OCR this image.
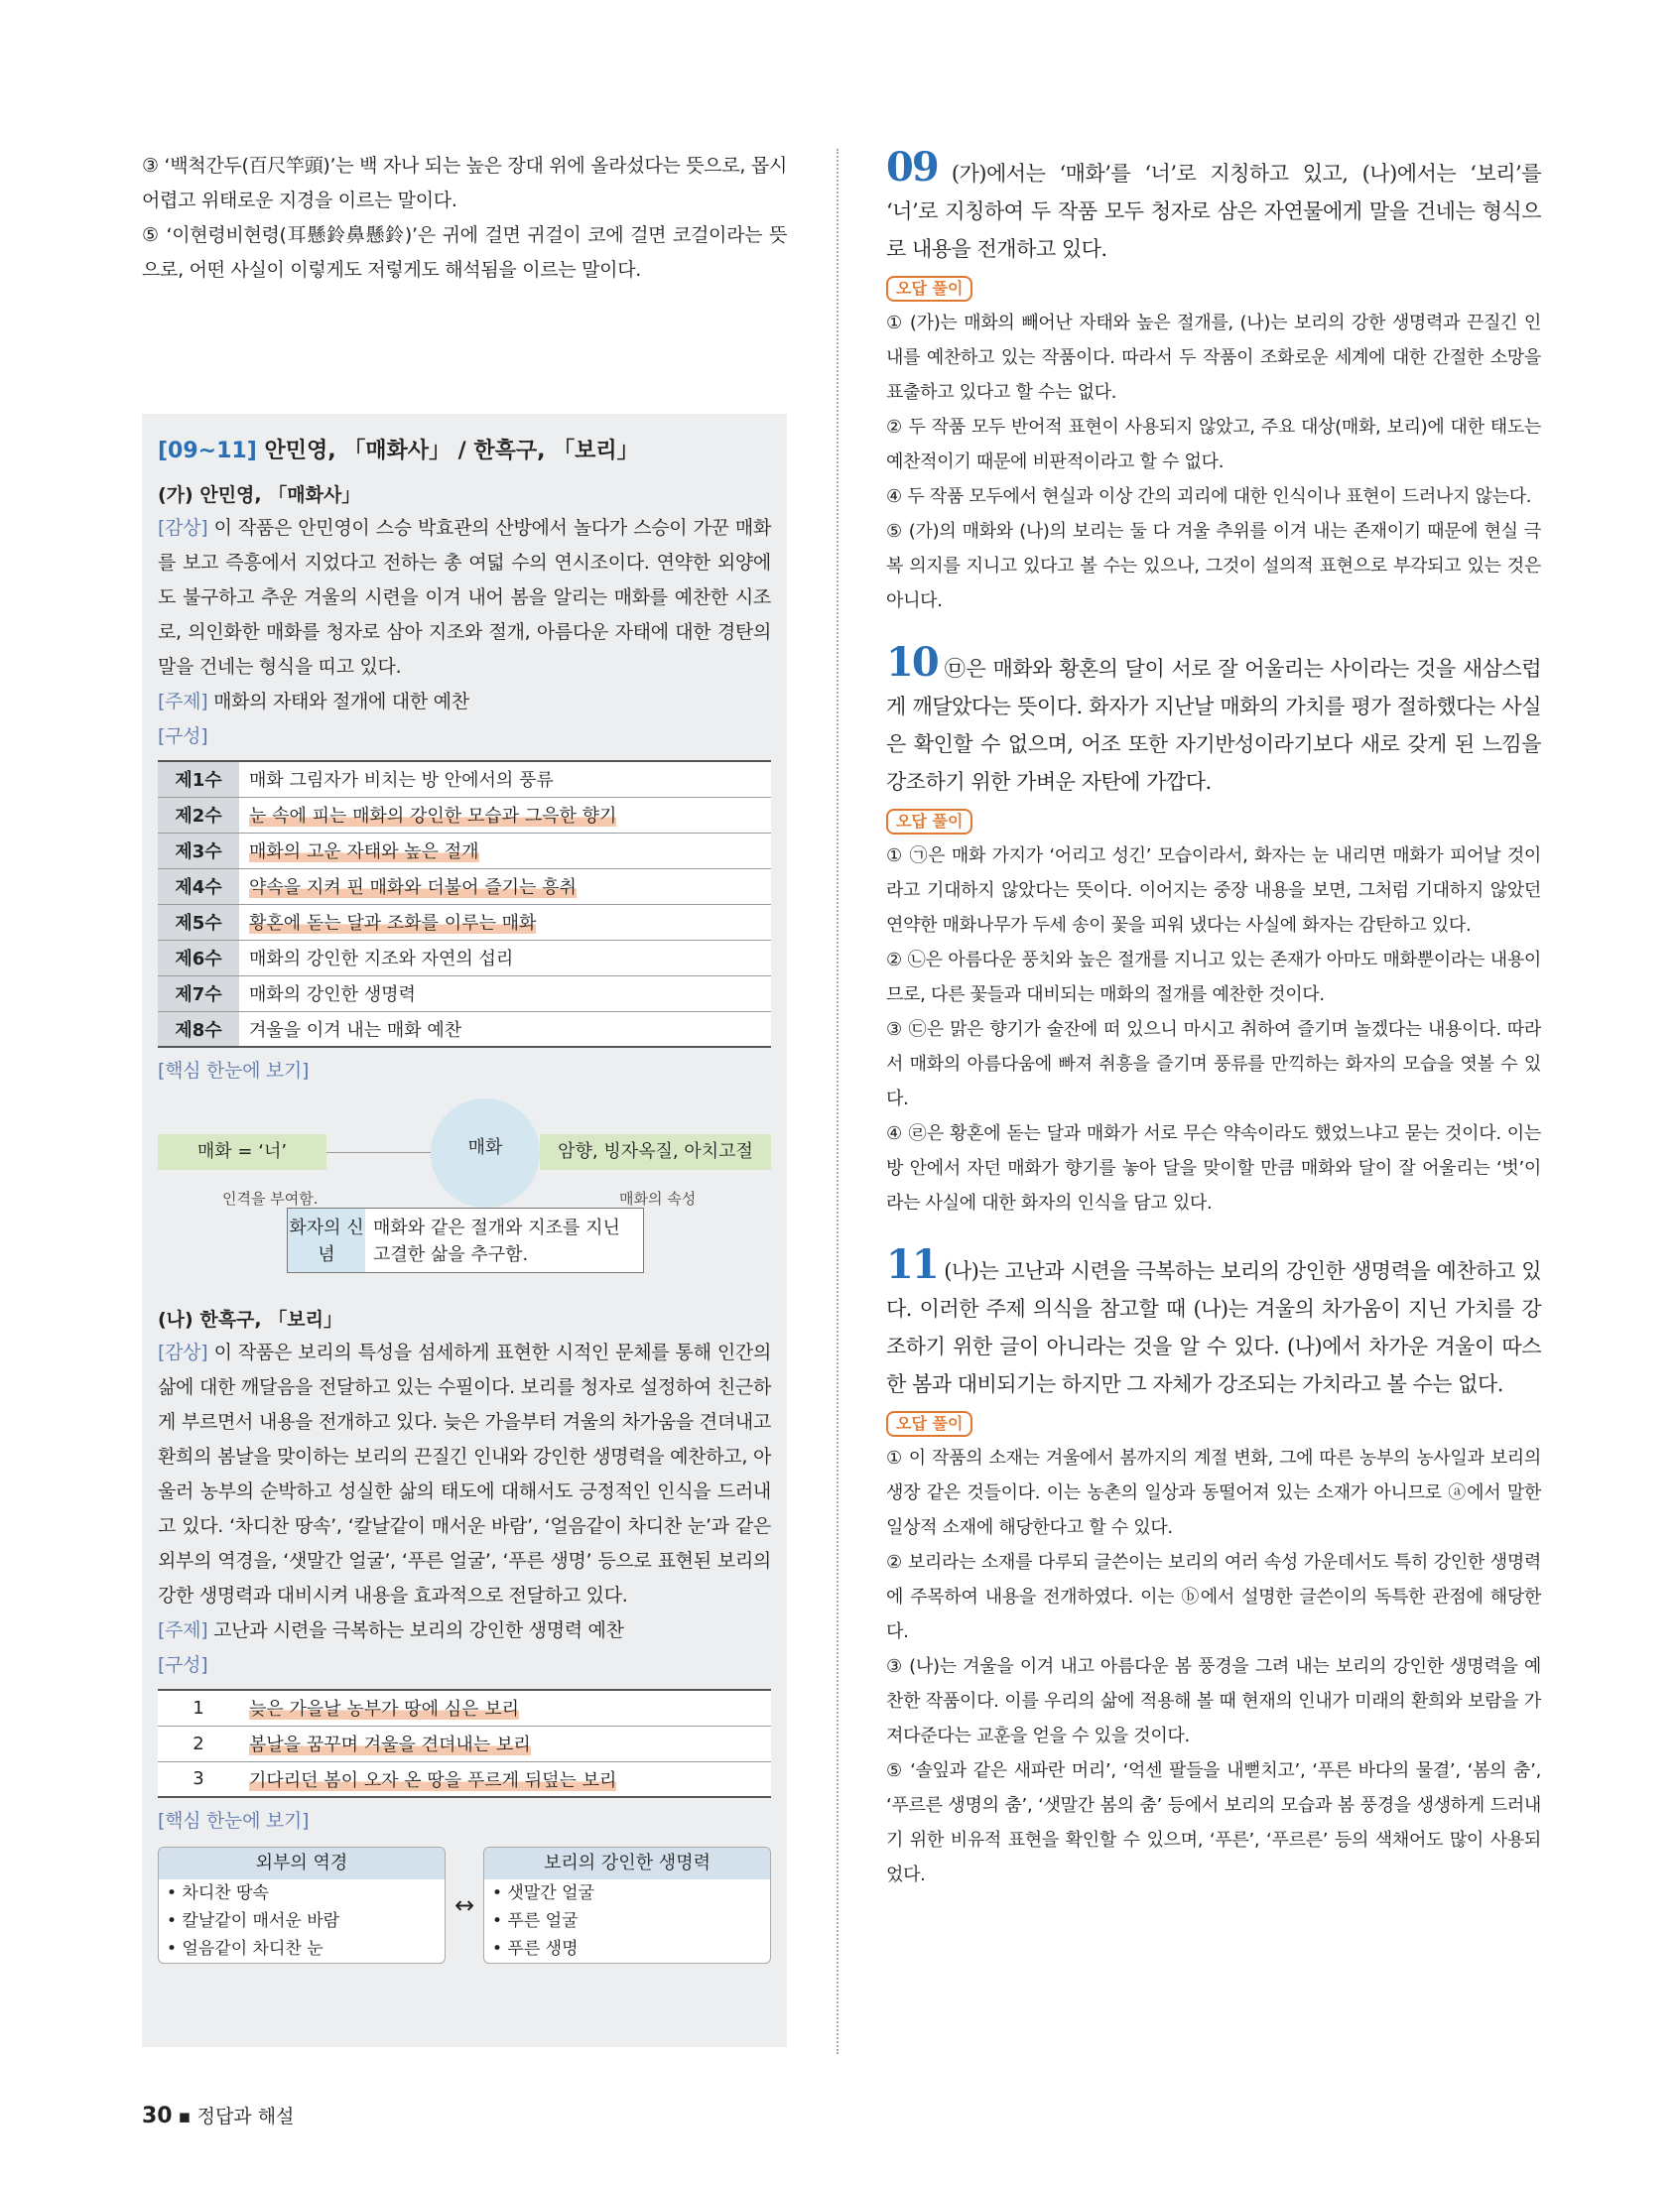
③ ‘백척간두(百尺竿頭)’는 백 자나 되는 높은 장대 위에 올라섰다는 뜻으로, 몹시 어렵고 위태로운 지경을 이르는 말이다.

⑤ ‘이현령비현령(耳懸鈴鼻懸鈴)’은 귀에 걸면 귀걸이 코에 걸면 코걸이라는 뜻으로, 어떤 사실이 이렇게도 저렇게도 해석됨을 이르는 말이다.

[09~11] 안민영, 「매화사」 / 한흑구, 「보리」
(가) 안민영, 「매화사」

[감상] 이 작품은 안민영이 스승 박효관의 산방에서 놀다가 스승이 가꾼 매화를 보고 즉흥에서 지었다고 전하는 총 여덟 수의 연시조이다. 연약한 외양에도 불구하고 추운 겨울의 시련을 이겨 내어 봄을 알리는 매화를 예찬한 시조로, 의인화한 매화를 청자로 삼아 지조와 절개, 아름다운 자태에 대한 경탄의 말을 건네는 형식을 띠고 있다.

[주제] 매화의 자태와 절개에 대한 예찬

[구성]

제1수	매화 그림자가 비치는 방 안에서의 풍류
제2수	눈 속에 피는 매화의 강인한 모습과 그윽한 향기
제3수	매화의 고운 자태와 높은 절개
제4수	약속을 지켜 핀 매화와 더불어 즐기는 흥취
제5수	황혼에 돋는 달과 조화를 이루는 매화
제6수	매화의 강인한 지조와 자연의 섭리
제7수	매화의 강인한 생명력
제8수	겨울을 이겨 내는 매화 예찬

[핵심 한눈에 보기]

매화 = ‘너’	매화	암향, 빙자옥질, 아치고절
인격을 부여함.	매화의 속성
화자의 신념
매화와 같은 절개와 지조를 지닌 고결한 삶을 추구함.
(나) 한흑구, 「보리」

[감상] 이 작품은 보리의 특성을 섬세하게 표현한 시적인 문체를 통해 인간의 삶에 대한 깨달음을 전달하고 있는 수필이다. 보리를 청자로 설정하여 친근하게 부르면서 내용을 전개하고 있다. 늦은 가을부터 겨울의 차가움을 견뎌내고 환희의 봄날을 맞이하는 보리의 끈질긴 인내와 강인한 생명력을 예찬하고, 아울러 농부의 순박하고 성실한 삶의 태도에 대해서도 긍정적인 인식을 드러내고 있다. ‘차디찬 땅속’, ‘칼날같이 매서운 바람’, ‘얼음같이 차디찬 눈’과 같은 외부의 역경을, ‘샛말간 얼굴’, ‘푸른 얼굴’, ‘푸른 생명’ 등으로 표현된 보리의 강한 생명력과 대비시켜 내용을 효과적으로 전달하고 있다.

[주제] 고난과 시련을 극복하는 보리의 강인한 생명력 예찬

[구성]

1	늦은 가을날 농부가 땅에 심은 보리
2	봄날을 꿈꾸며 겨울을 견뎌내는 보리
3	기다리던 봄이 오자 온 땅을 푸르게 뒤덮는 보리

[핵심 한눈에 보기]

외부의 역경
• 차디찬 땅속
• 칼날같이 매서운 바람
• 얼음같이 차디찬 눈
↔
보리의 강인한 생명력
• 샛말간 얼굴
• 푸른 얼굴
• 푸른 생명

09 (가)에서는 ‘매화’를 ‘너’로 지칭하고 있고, (나)에서는 ‘보리’를 ‘너’로 지칭하여 두 작품 모두 청자로 삼은 자연물에게 말을 건네는 형식으로 내용을 전개하고 있다.

오답 풀이

① (가)는 매화의 빼어난 자태와 높은 절개를, (나)는 보리의 강한 생명력과 끈질긴 인내를 예찬하고 있는 작품이다. 따라서 두 작품이 조화로운 세계에 대한 간절한 소망을 표출하고 있다고 할 수는 없다.

② 두 작품 모두 반어적 표현이 사용되지 않았고, 주요 대상(매화, 보리)에 대한 태도는 예찬적이기 때문에 비판적이라고 할 수 없다.

④ 두 작품 모두에서 현실과 이상 간의 괴리에 대한 인식이나 표현이 드러나지 않는다.

⑤ (가)의 매화와 (나)의 보리는 둘 다 겨울 추위를 이겨 내는 존재이기 때문에 현실 극복 의지를 지니고 있다고 볼 수는 있으나, 그것이 설의적 표현으로 부각되고 있는 것은 아니다.

10 ㉤은 매화와 황혼의 달이 서로 잘 어울리는 사이라는 것을 새삼스럽게 깨달았다는 뜻이다. 화자가 지난날 매화의 가치를 평가 절하했다는 사실은 확인할 수 없으며, 어조 또한 자기반성이라기보다 새로 갖게 된 느낌을 강조하기 위한 가벼운 자탄에 가깝다.

오답 풀이

① ㉠은 매화 가지가 ‘어리고 성긴’ 모습이라서, 화자는 눈 내리면 매화가 피어날 것이라고 기대하지 않았다는 뜻이다. 이어지는 중장 내용을 보면, 그처럼 기대하지 않았던 연약한 매화나무가 두세 송이 꽃을 피워 냈다는 사실에 화자는 감탄하고 있다.

② ㉡은 아름다운 풍치와 높은 절개를 지니고 있는 존재가 아마도 매화뿐이라는 내용이므로, 다른 꽃들과 대비되는 매화의 절개를 예찬한 것이다.

③ ㉢은 맑은 향기가 술잔에 떠 있으니 마시고 취하여 즐기며 놀겠다는 내용이다. 따라서 매화의 아름다움에 빠져 취흥을 즐기며 풍류를 만끽하는 화자의 모습을 엿볼 수 있다.

④ ㉣은 황혼에 돋는 달과 매화가 서로 무슨 약속이라도 했었느냐고 묻는 것이다. 이는 방 안에서 자던 매화가 향기를 놓아 달을 맞이할 만큼 매화와 달이 잘 어울리는 ‘벗’이라는 사실에 대한 화자의 인식을 담고 있다.

11 (나)는 고난과 시련을 극복하는 보리의 강인한 생명력을 예찬하고 있다. 이러한 주제 의식을 참고할 때 (나)는 겨울의 차가움이 지닌 가치를 강조하기 위한 글이 아니라는 것을 알 수 있다. (나)에서 차가운 겨울이 따스한 봄과 대비되기는 하지만 그 자체가 강조되는 가치라고 볼 수는 없다.

오답 풀이

① 이 작품의 소재는 겨울에서 봄까지의 계절 변화, 그에 따른 농부의 농사일과 보리의 생장 같은 것들이다. 이는 농촌의 일상과 동떨어져 있는 소재가 아니므로 ⓐ에서 말한 일상적 소재에 해당한다고 할 수 있다.

② 보리라는 소재를 다루되 글쓴이는 보리의 여러 속성 가운데서도 특히 강인한 생명력에 주목하여 내용을 전개하였다. 이는 ⓑ에서 설명한 글쓴이의 독특한 관점에 해당한다.

③ (나)는 겨울을 이겨 내고 아름다운 봄 풍경을 그려 내는 보리의 강인한 생명력을 예찬한 작품이다. 이를 우리의 삶에 적용해 볼 때 현재의 인내가 미래의 환희와 보람을 가져다준다는 교훈을 얻을 수 있을 것이다.

⑤ ‘솔잎과 같은 새파란 머리’, ‘억센 팔들을 내뻗치고’, ‘푸른 바다의 물결’, ‘봄의 춤’, ‘푸르른 생명의 춤’, ‘샛말간 봄의 춤’ 등에서 보리의 모습과 봄 풍경을 생생하게 드러내기 위한 비유적 표현을 확인할 수 있으며, ‘푸른’, ‘푸르른’ 등의 색채어도 많이 사용되었다.

30 ▪ 정답과 해설
